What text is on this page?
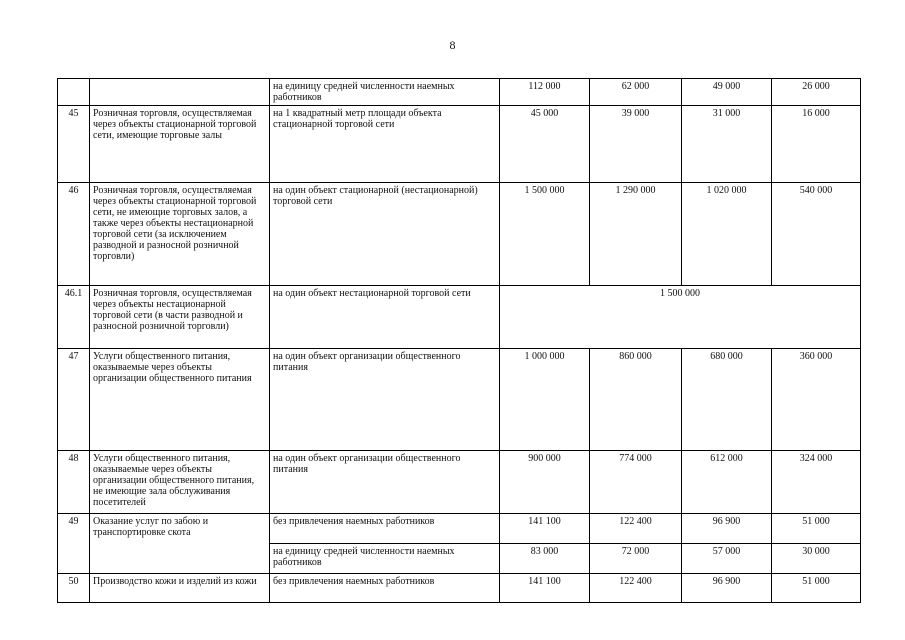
8
		на единицу средней численности наемных работников	112 000	62 000	49 000	26 000
45	Розничная торговля, осуществляемая через объекты стационарной торговой сети, имеющие торговые залы	на 1 квадратный метр площади объекта стационарной торговой сети	45 000	39 000	31 000	16 000
46	Розничная торговля, осуществляемая через объекты стационарной торговой сети, не имеющие торговых залов, а также через объекты нестационарной торговой сети (за исключением разводной и разносной розничной торговли)	на один объект стационарной (нестационарной) торговой сети	1 500 000	1 290 000	1 020 000	540 000
46.1	Розничная торговля, осуществляемая через объекты нестационарной торговой сети (в части разводной и разносной розничной торговли)	на один объект нестационарной торговой сети	1 500 000			
47	Услуги общественного питания, оказываемые через объекты организации общественного питания	на один объект организации общественного питания	1 000 000	860 000	680 000	360 000
48	Услуги общественного питания, оказываемые через объекты организации общественного питания, не имеющие зала обслуживания посетителей	на один объект организации общественного питания	900 000	774 000	612 000	324 000
49	Оказание услуг по забою и транспортировке скота	без привлечения наемных работников	141 100	122 400	96 900	51 000
		на единицу средней численности наемных работников	83 000	72 000	57 000	30 000
50	Производство кожи и изделий из кожи	без привлечения наемных работников	141 100	122 400	96 900	51 000
